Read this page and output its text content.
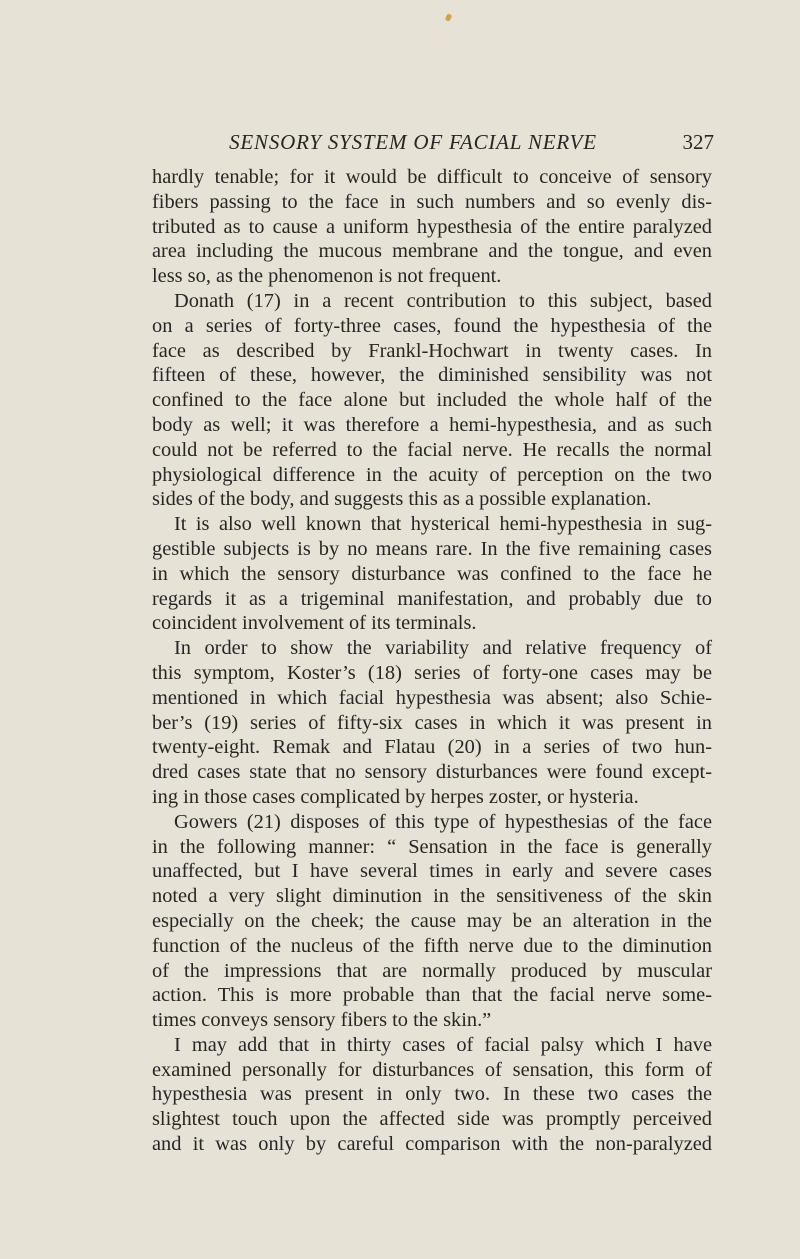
SENSORY SYSTEM OF FACIAL NERVE	327
hardly tenable; for it would be difficult to conceive of sensory
fibers passing to the face in such numbers and so evenly dis-
tributed as to cause a uniform hypesthesia of the entire paralyzed
area including the mucous membrane and the tongue, and even
less so, as the phenomenon is not frequent.
Donath (17) in a recent contribution to this subject, based
on a series of forty-three cases, found the hypesthesia of the
face as described by Frankl-Hochwart in twenty cases. In
fifteen of these, however, the diminished sensibility was not
confined to the face alone but included the whole half of the
body as well; it was therefore a hemi-hypesthesia, and as such
could not be referred to the facial nerve. He recalls the normal
physiological difference in the acuity of perception on the two
sides of the body, and suggests this as a possible explanation.
It is also well known that hysterical hemi-hypesthesia in sug-
gestible subjects is by no means rare. In the five remaining cases
in which the sensory disturbance was confined to the face he
regards it as a trigeminal manifestation, and probably due to
coincident involvement of its terminals.
In order to show the variability and relative frequency of
this symptom, Koster’s (18) series of forty-one cases may be
mentioned in which facial hypesthesia was absent; also Schie-
ber’s (19) series of fifty-six cases in which it was present in
twenty-eight. Remak and Flatau (20) in a series of two hun-
dred cases state that no sensory disturbances were found except-
ing in those cases complicated by herpes zoster, or hysteria.
Gowers (21) disposes of this type of hypesthesias of the face
in the following manner: “ Sensation in the face is generally
unaffected, but I have several times in early and severe cases
noted a very slight diminution in the sensitiveness of the skin
especially on the cheek; the cause may be an alteration in the
function of the nucleus of the fifth nerve due to the diminution
of the impressions that are normally produced by muscular
action. This is more probable than that the facial nerve some-
times conveys sensory fibers to the skin.”
I may add that in thirty cases of facial palsy which I have
examined personally for disturbances of sensation, this form of
hypesthesia was present in only two. In these two cases the
slightest touch upon the affected side was promptly perceived
and it was only by careful comparison with the non-paralyzed
